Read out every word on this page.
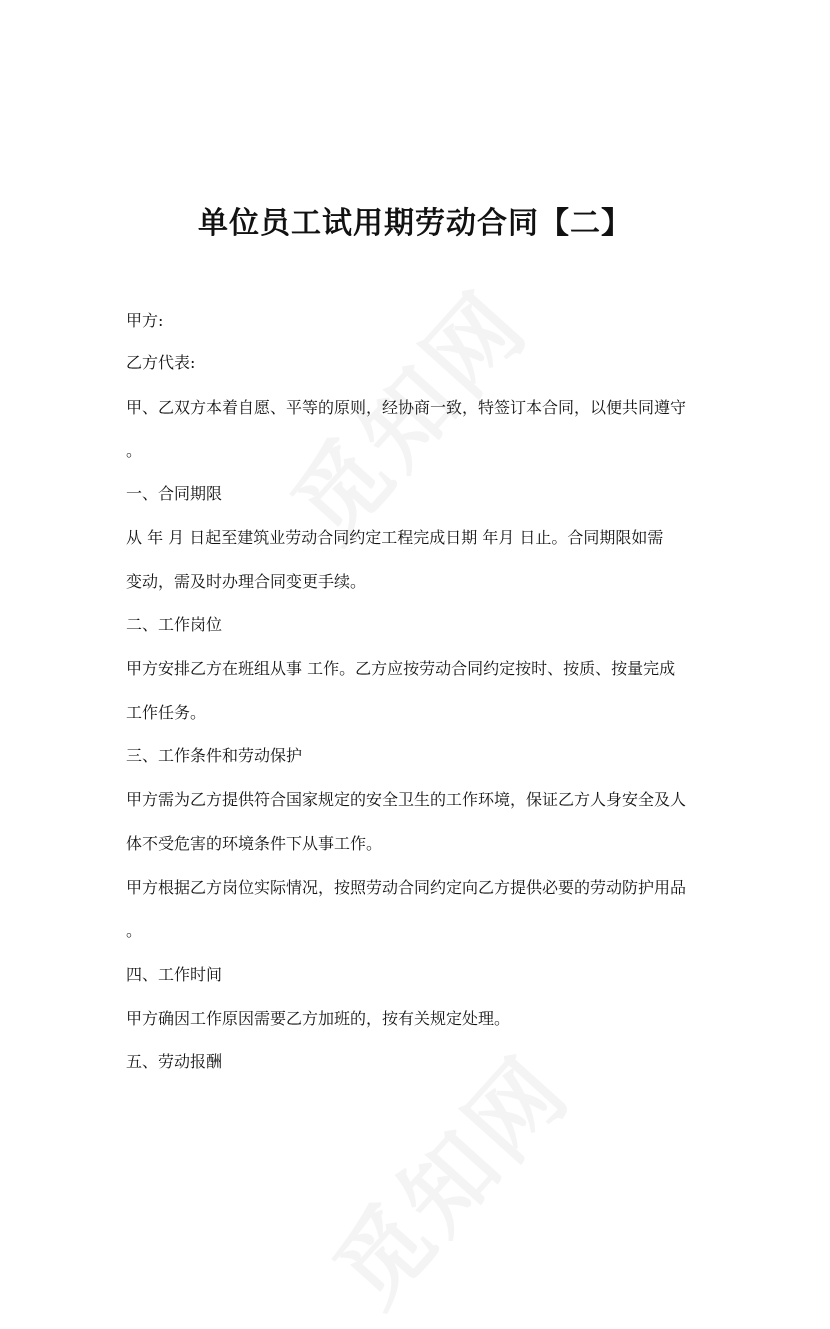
单位员工试用期劳动合同【二】

甲方:

乙方代表:

甲、乙双方本着自愿、平等的原则，经协商一致，特签订本合同，以便共同遵守

。

一、合同期限

从 年 月 日起至建筑业劳动合同约定工程完成日期 年月 日止。合同期限如需

变动，需及时办理合同变更手续。

二、工作岗位

甲方安排乙方在班组从事 工作。乙方应按劳动合同约定按时、按质、按量完成

工作任务。

三、工作条件和劳动保护

甲方需为乙方提供符合国家规定的安全卫生的工作环境，保证乙方人身安全及人

体不受危害的环境条件下从事工作。

甲方根据乙方岗位实际情况，按照劳动合同约定向乙方提供必要的劳动防护用品

。

四、工作时间

甲方确因工作原因需要乙方加班的，按有关规定处理。

五、劳动报酬
